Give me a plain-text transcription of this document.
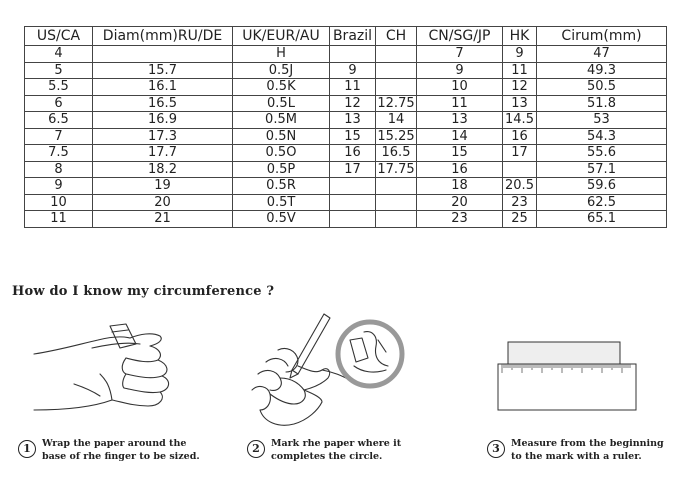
US/CA	Diam(mm)RU/DE	UK/EUR/AU	Brazil	CH	CN/SG/JP	HK	Cirum(mm)
4		H			7	9	47
5	15.7	0.5J	9		9	11	49.3
5.5	16.1	0.5K	11		10	12	50.5
6	16.5	0.5L	12	12.75	11	13	51.8
6.5	16.9	0.5M	13	14	13	14.5	53
7	17.3	0.5N	15	15.25	14	16	54.3
7.5	17.7	0.5O	16	16.5	15	17	55.6
8	18.2	0.5P	17	17.75	16		57.1
9	19	0.5R			18	20.5	59.6
10	20	0.5T			20	23	62.5
11	21	0.5V			23	25	65.1
How do I know my circumference ?
1	Wrap the paper around the
base of rhe finger to be sized.
2	Mark rhe paper where it
completes the circle.
3	Measure from the beginning
to the mark with a ruler.
